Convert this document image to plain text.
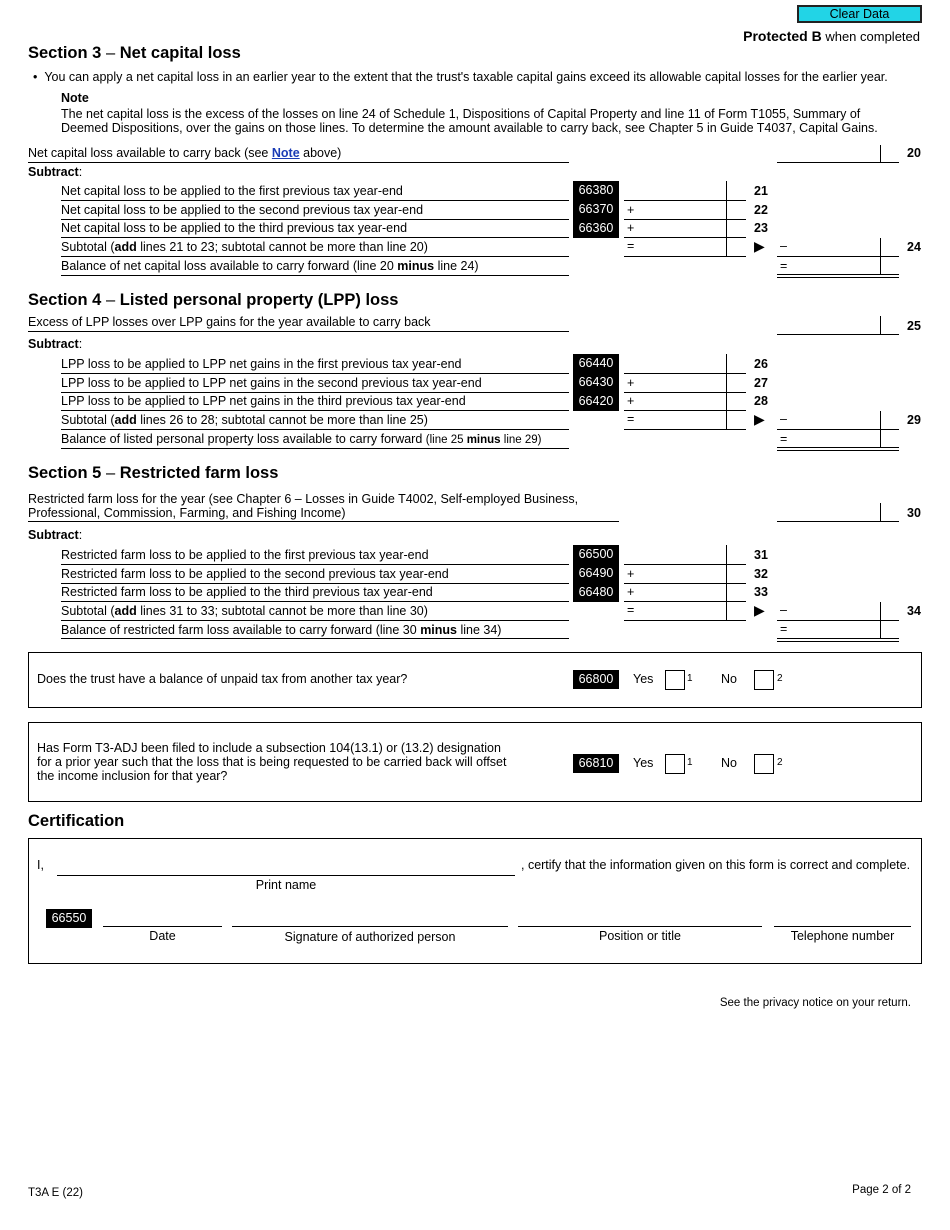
Clear Data
Protected B when completed
Section 3 – Net capital loss
•  You can apply a net capital loss in an earlier year to the extent that the trust's taxable capital gains exceed its allowable capital losses for the earlier year.
Note
The net capital loss is the excess of the losses on line 24 of Schedule 1, Dispositions of Capital Property and line 11 of Form T1055, Summary of
Deemed Dispositions, over the gains on those lines. To determine the amount available to carry back, see Chapter 5 in Guide T4037, Capital Gains.
Net capital loss available to carry back (see Note above)	20
Subtract:
Net capital loss to be applied to the first previous tax year-end	66380	21
Net capital loss to be applied to the second previous tax year-end	66370	+	22
Net capital loss to be applied to the third previous tax year-end	66360	+	23
Subtotal (add lines 21 to 23; subtotal cannot be more than line 20)	=	▶ –	24
Balance of net capital loss available to carry forward (line 20 minus line 24)	=
Section 4 – Listed personal property (LPP) loss
Excess of LPP losses over LPP gains for the year available to carry back	25
Subtract:
LPP loss to be applied to LPP net gains in the first previous tax year-end	66440	26
LPP loss to be applied to LPP net gains in the second previous tax year-end	66430	+	27
LPP loss to be applied to LPP net gains in the third previous tax year-end	66420	+	28
Subtotal (add lines 26 to 28; subtotal cannot be more than line 25)	=	▶ –	29
Balance of listed personal property loss available to carry forward (line 25 minus line 29)	=
Section 5 – Restricted farm loss
Restricted farm loss for the year (see Chapter 6 – Losses in Guide T4002, Self-employed Business,
Professional, Commission, Farming, and Fishing Income)	30
Subtract:
Restricted farm loss to be applied to the first previous tax year-end	66500	31
Restricted farm loss to be applied to the second previous tax year-end	66490	+	32
Restricted farm loss to be applied to the third previous tax year-end	66480	+	33
Subtotal (add lines 31 to 33; subtotal cannot be more than line 30)	=	▶ –	34
Balance of restricted farm loss available to carry forward (line 30 minus line 34)	=
Does the trust have a balance of unpaid tax from another tax year?	66800	Yes	1 No	2
Has Form T3-ADJ been filed to include a subsection 104(13.1) or (13.2) designation
for a prior year such that the loss that is being requested to be carried back will offset
the income inclusion for that year?
66810	Yes	1 No	2
Certification
I,	, certify that the information given on this form is correct and complete.
Print name
66550
Date	Signature of authorized person	Position or title	Telephone number
See the privacy notice on your return.
T3A E (22)	Page 2 of 2
